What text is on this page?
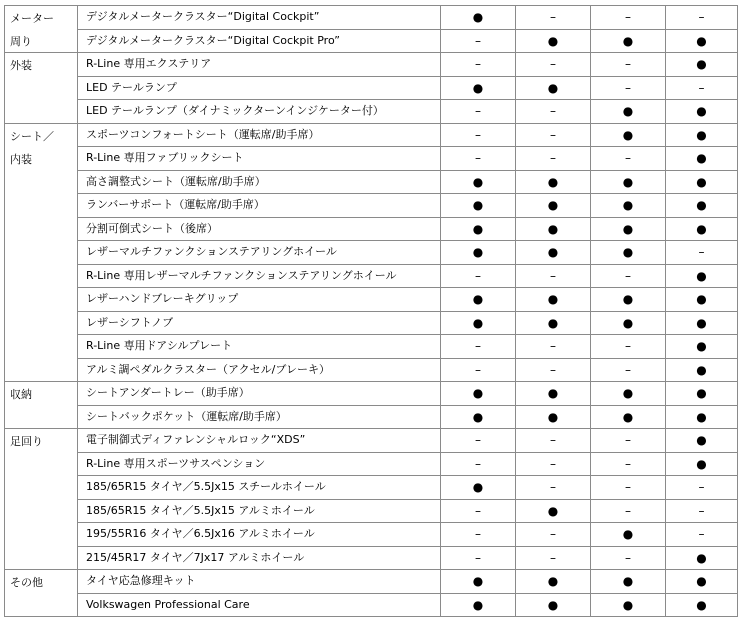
メーター	デジタルメータークラスター“Digital Cockpit”	●	–	–	–
周り	デジタルメータークラスター“Digital Cockpit Pro”	–	●	●	●
外装	R-Line 専用エクステリア	–	–	–	●
	LED テールランプ	●	●	–	–
	LED テールランプ（ダイナミックターンインジケーター付）	–	–	●	●
シート／	スポーツコンフォートシート（運転席/助手席）	–	–	●	●
内装	R-Line 専用ファブリックシート	–	–	–	●
	高さ調整式シート（運転席/助手席）	●	●	●	●
	ランバーサポート（運転席/助手席）	●	●	●	●
	分割可倒式シート（後席）	●	●	●	●
	レザーマルチファンクションステアリングホイール	●	●	●	–
	R-Line 専用レザーマルチファンクションステアリングホイール	–	–	–	●
	レザーハンドブレーキグリップ	●	●	●	●
	レザーシフトノブ	●	●	●	●
	R-Line 専用ドアシルプレート	–	–	–	●
	アルミ調ペダルクラスター（アクセル/ブレーキ）	–	–	–	●
収納	シートアンダートレー（助手席）	●	●	●	●
	シートバックポケット（運転席/助手席）	●	●	●	●
足回り	電子制御式ディファレンシャルロック“XDS”	–	–	–	●
	R-Line 専用スポーツサスペンション	–	–	–	●
	185/65R15 タイヤ／5.5Jx15 スチールホイール	●	–	–	–
	185/65R15 タイヤ／5.5Jx15 アルミホイール	–	●	–	–
	195/55R16 タイヤ／6.5Jx16 アルミホイール	–	–	●	–
	215/45R17 タイヤ／7Jx17 アルミホイール	–	–	–	●
その他	タイヤ応急修理キット	●	●	●	●
	Volkswagen Professional Care	●	●	●	●
